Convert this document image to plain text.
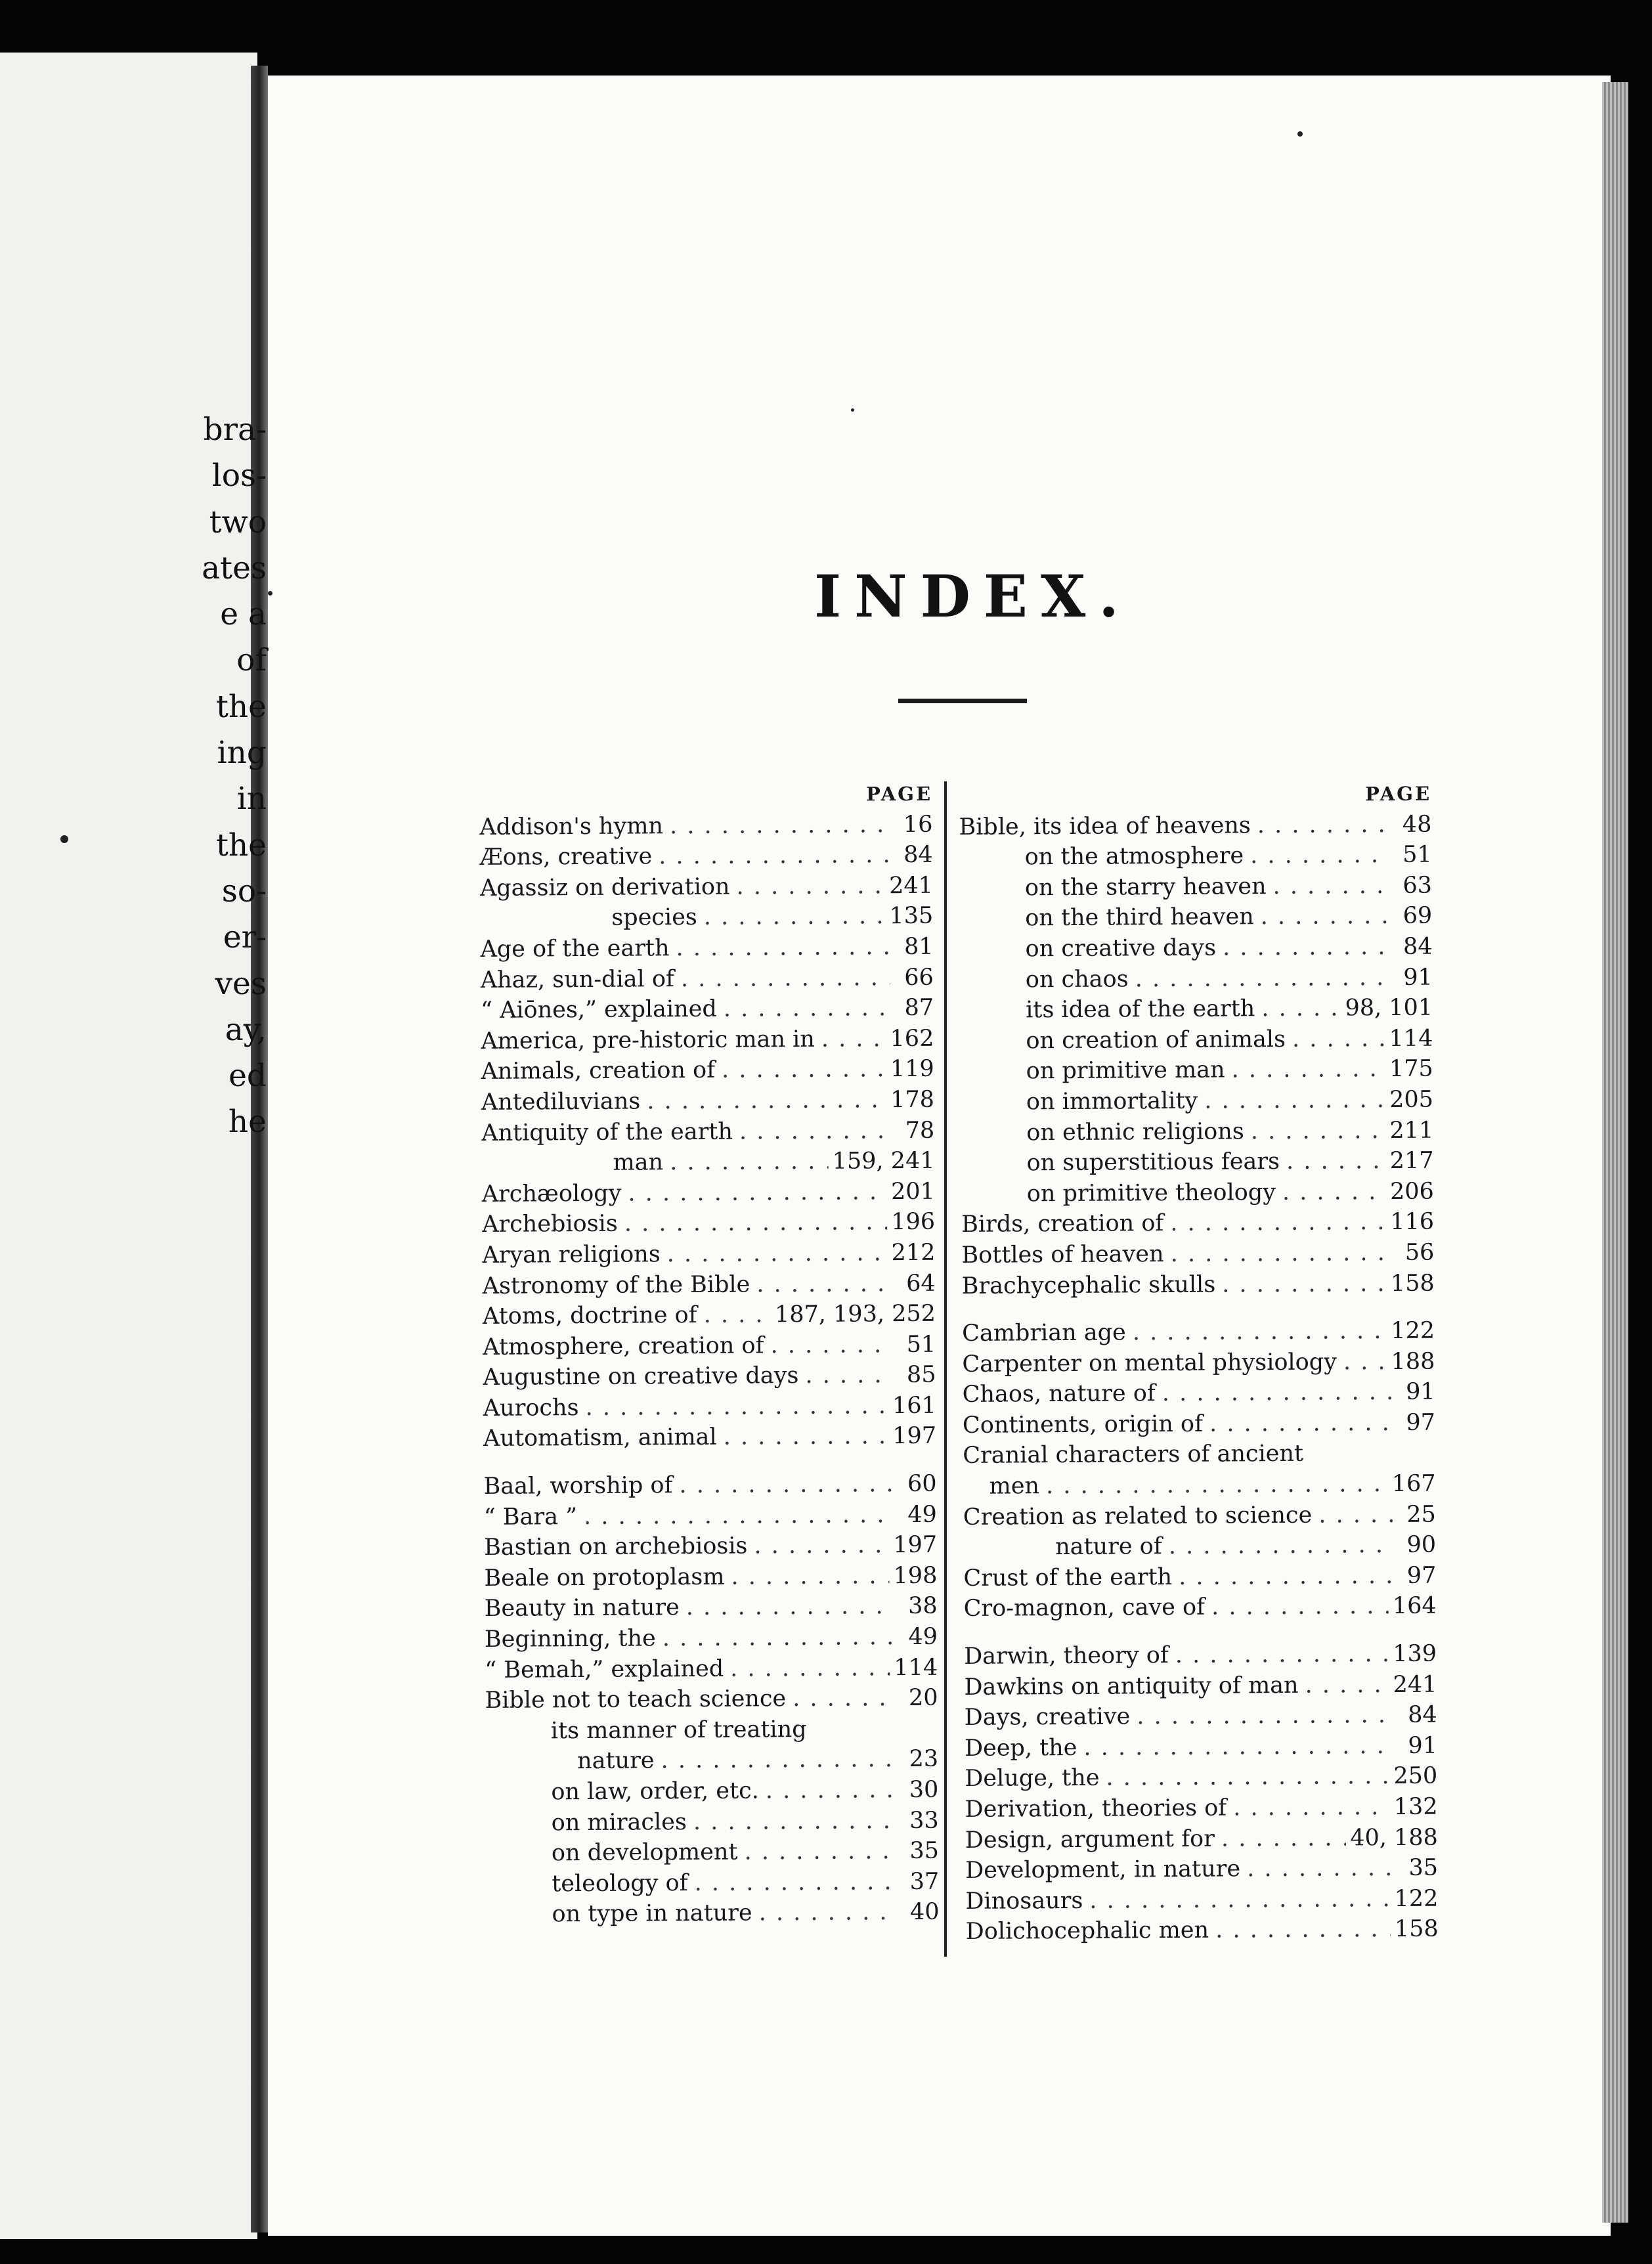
bra-
los-
two
ates
e a
of
the
ing
in
the
so-
er-
ves
ay,
ed
he
INDEX.
PAGE
Addison's hymn . . .	16
Æons, creative . . .	84
Agassiz on derivation . . .	241
species . . .	135
Age of the earth . . .	81
Ahaz, sun-dial of . . .	66
“ Aiōnes,” explained . . .	87
America, pre-historic man in . . .	162
Animals, creation of . . .	119
Antediluvians . . .	178
Antiquity of the earth . . .	78
man . . .	159, 241
Archæology . . .	201
Archebiosis . . .	196
Aryan religions . . .	212
Astronomy of the Bible . . .	64
Atoms, doctrine of . . .	187, 193, 252
Atmosphere, creation of . . .	51
Augustine on creative days . . .	85
Aurochs . . .	161
Automatism, animal . . .	197
Baal, worship of . . .	60
“ Bara ” . . .	49
Bastian on archebiosis . . .	197
Beale on protoplasm . . .	198
Beauty in nature . . .	38
Beginning, the . . .	49
“ Bemah,” explained . . .	114
Bible not to teach science . . .	20
its manner of treating
nature . . .	23
on law, order, etc. . . .	30
on miracles . . .	33
on development . . .	35
teleology of . . .	37
on type in nature . . .	40
PAGE
Bible, its idea of heavens . . .	48
on the atmosphere . . .	51
on the starry heaven . . .	63
on the third heaven . . .	69
on creative days . . .	84
on chaos . . .	91
its idea of the earth . . .	98, 101
on creation of animals . . .	114
on primitive man . . .	175
on immortality . . .	205
on ethnic religions . . .	211
on superstitious fears . . .	217
on primitive theology . . .	206
Birds, creation of . . .	116
Bottles of heaven . . .	56
Brachycephalic skulls . . .	158
Cambrian age . . .	122
Carpenter on mental physiology . . . 188
Chaos, nature of . . .	91
Continents, origin of . . .	97
Cranial characters of ancient
men . . .	167
Creation as related to science . . .	25
nature of . . .	90
Crust of the earth . . .	97
Cro-magnon, cave of . . .	164
Darwin, theory of . . .	139
Dawkins on antiquity of man . . .	241
Days, creative . . .	84
Deep, the . . .	91
Deluge, the . . .	250
Derivation, theories of . . .	132
Design, argument for . . .	40, 188
Development, in nature . . .	35
Dinosaurs . . .	122
Dolichocephalic men . . .	158
